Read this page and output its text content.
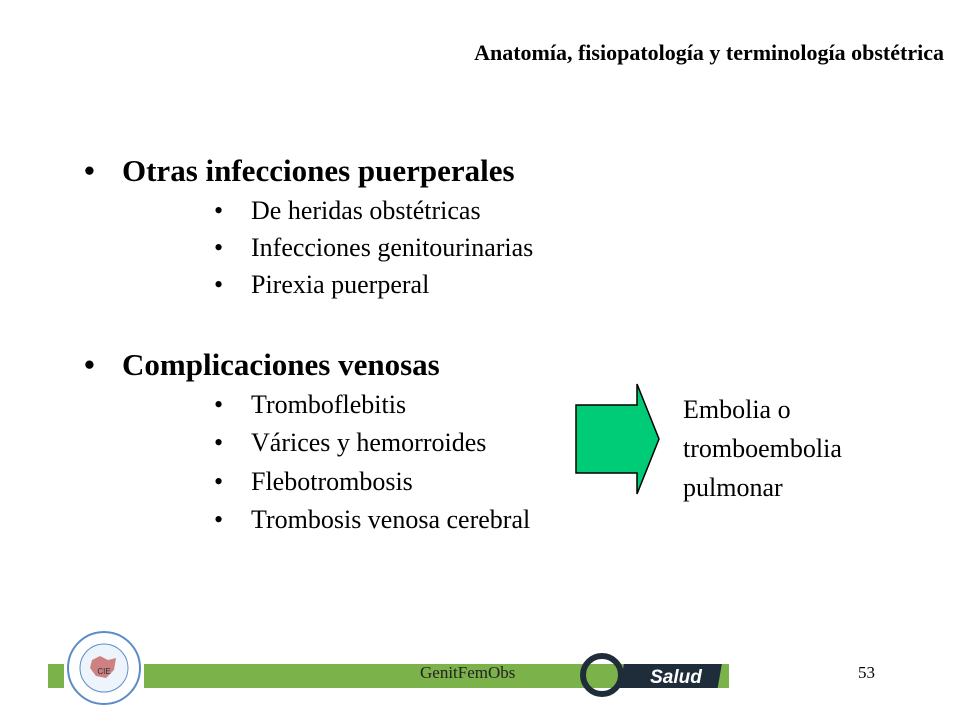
Anatomía, fisiopatología y terminología obstétrica
• Otras infecciones puerperales
• De heridas obstétricas
• Infecciones genitourinarias
• Pirexia puerperal
• Complicaciones venosas
• Tromboflebitis
• Várices y hemorroides
• Flebotrombosis
• Trombosis venosa cerebral
Embolia o
tromboembolia
pulmonar
CIE	GenitFemObs	Salud	53
